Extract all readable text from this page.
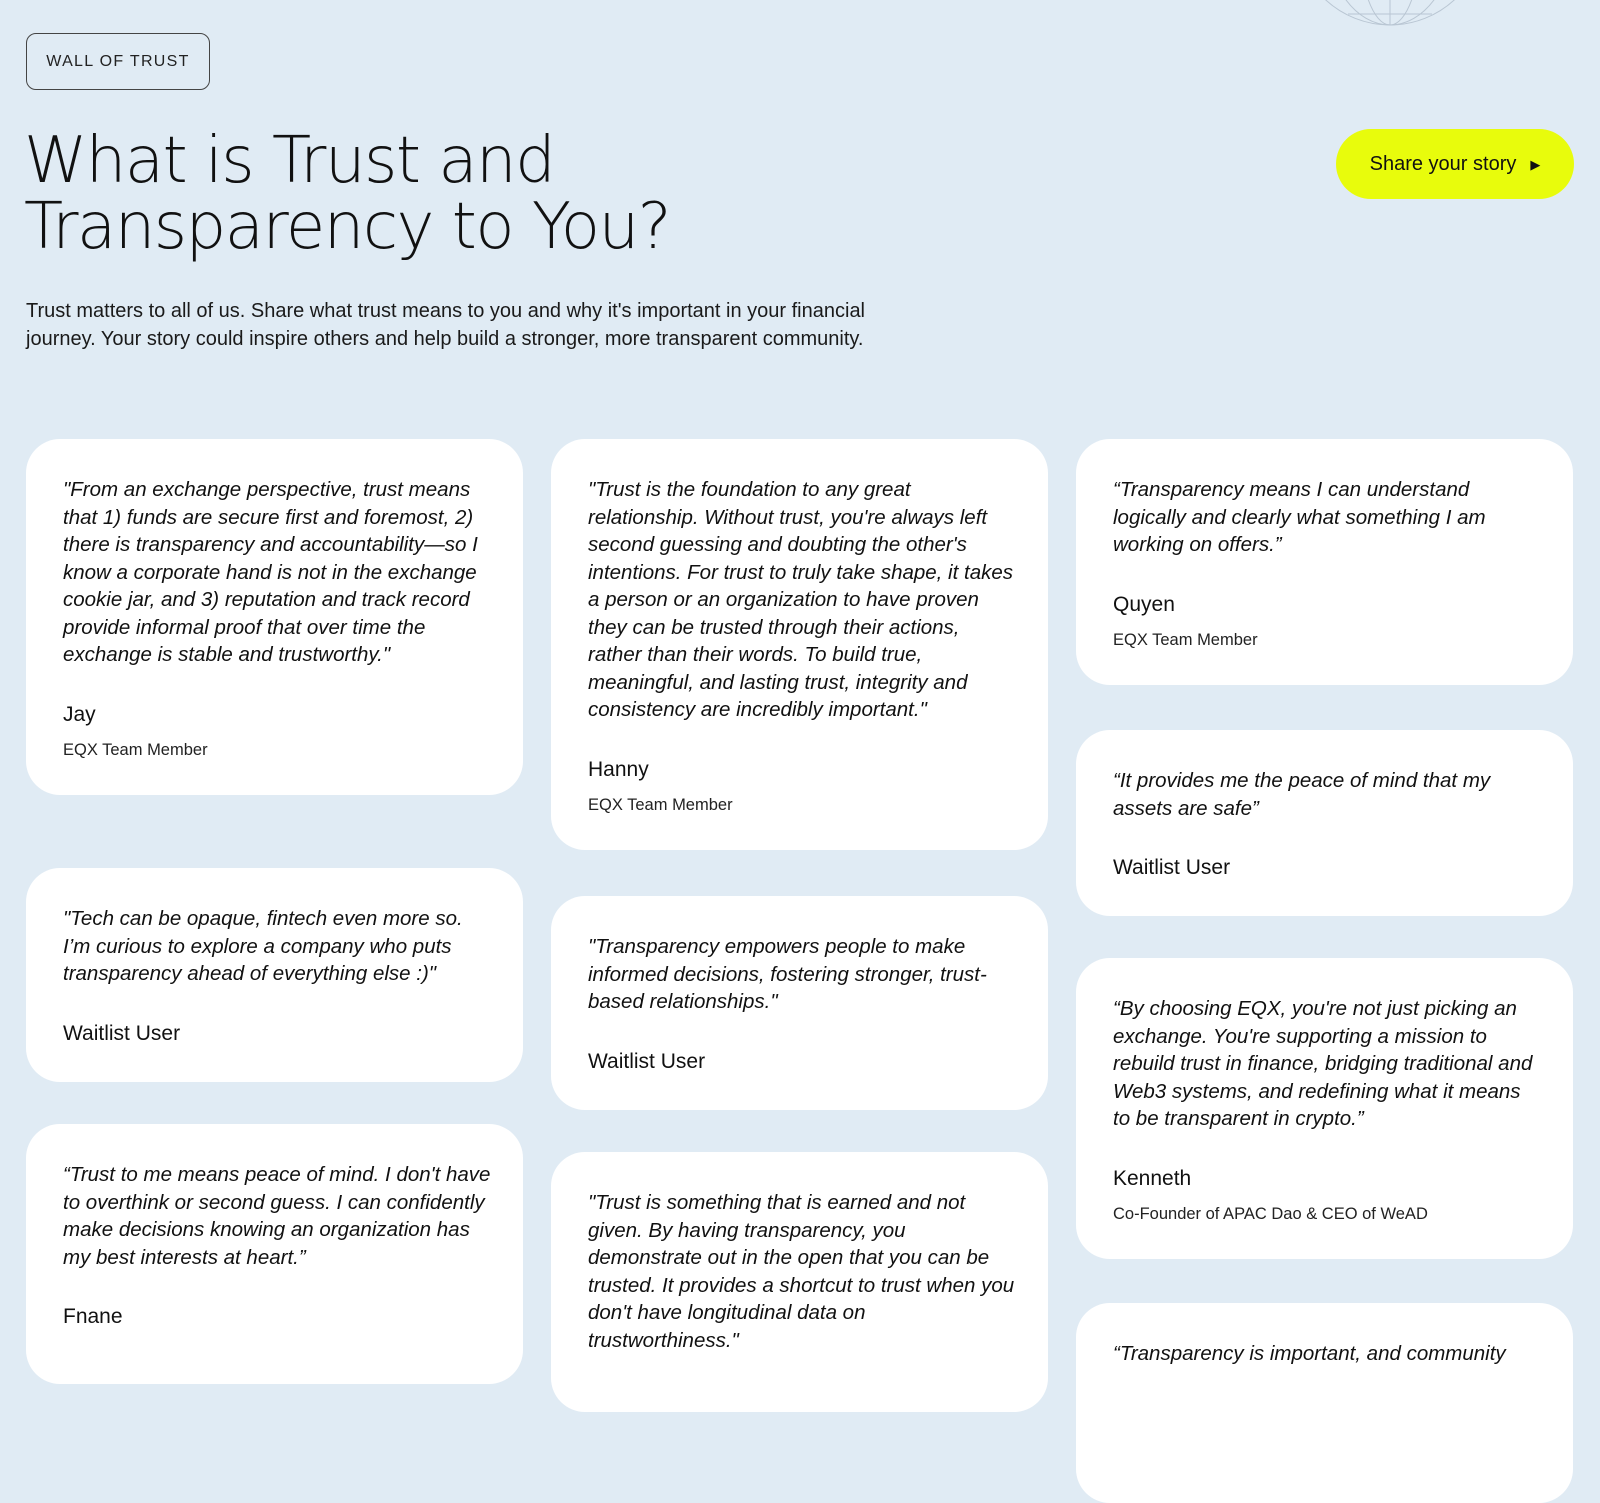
WALL OF TRUST
What is Trust and
Transparency to You?

Trust matters to all of us. Share what trust means to you and why it's important in your financial journey. Your story could inspire others and help build a stronger, more transparent community.

Share your story ▶

"From an exchange perspective, trust means that 1) funds are secure first and foremost, 2) there is transparency and accountability—so I know a corporate hand is not in the exchange cookie jar, and 3) reputation and track record provide informal proof that over time the exchange is stable and trustworthy."

Jay
EQX Team Member

"Tech can be opaque, fintech even more so. I’m curious to explore a company who puts transparency ahead of everything else :)"

Waitlist User

“Trust to me means peace of mind. I don't have to overthink or second guess. I can confidently make decisions knowing an organization has my best interests at heart.”

Fnane

"Trust is the foundation to any great relationship. Without trust, you're always left second guessing and doubting the other's intentions. For trust to truly take shape, it takes a person or an organization to have proven they can be trusted through their actions, rather than their words. To build true, meaningful, and lasting trust, integrity and consistency are incredibly important."

Hanny
EQX Team Member

"Transparency empowers people to make informed decisions, fostering stronger, trust-based relationships."

Waitlist User

"Trust is something that is earned and not given. By having transparency, you demonstrate out in the open that you can be trusted. It provides a shortcut to trust when you don't have longitudinal data on trustworthiness."

“Transparency means I can understand logically and clearly what something I am working on offers.”

Quyen
EQX Team Member

“It provides me the peace of mind that my assets are safe”

Waitlist User

“By choosing EQX, you're not just picking an exchange. You're supporting a mission to rebuild trust in finance, bridging traditional and Web3 systems, and redefining what it means to be transparent in crypto.”

Kenneth
Co-Founder of APAC Dao & CEO of WeAD

“Transparency is important, and community
